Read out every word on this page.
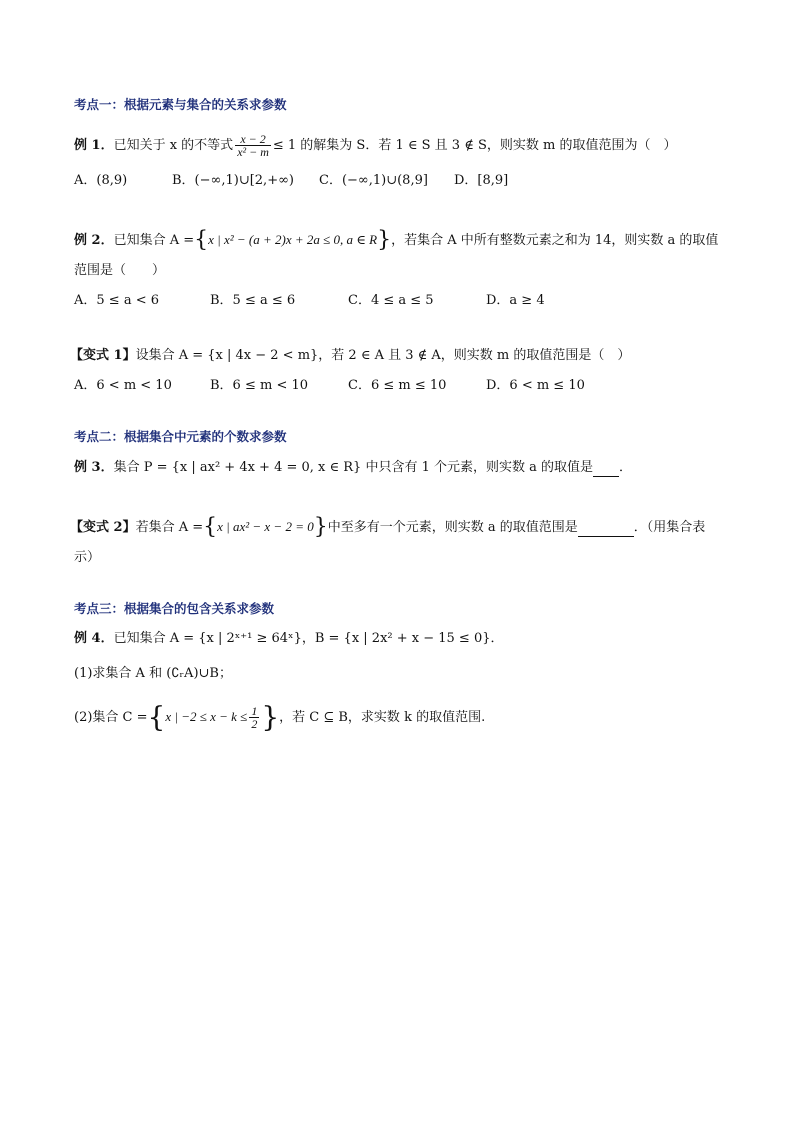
考点一：根据元素与集合的关系求参数
例 1．已知关于 x 的不等式 $\frac{x - 2}{\text{x² − m}} \le 1$ 的解集为 S．若 1 ∈ S 且 3 ∉ S，则实数 m 的取值范围为（　）
A．(8,9)	B．(−∞,1)∪[2,+∞) C．(−∞,1)∪(8,9] D．[8,9]
例 2．已知集合 A ={x | x² − (a + 2)x + 2a ≤ 0, a ∈ R}，若集合 A 中所有整数元素之和为 14，则实数 a 的取值
范围是（　　）
A．5 ≤ a < 6	B．5 ≤ a ≤ 6	C．4 ≤ a ≤ 5	D．a ≥ 4
【变式 1】设集合 A = {x | 4x − 2 < m}，若 2 ∈ A 且 3 ∉ A，则实数 m 的取值范围是（　）
A．6 < m < 10	B．6 ≤ m < 10	C．6 ≤ m ≤ 10	D．6 < m ≤ 10
考点二：根据集合中元素的个数求参数
例 3．集合 P = {x | ax² + 4x + 4 = 0, x ∈ R} 中只含有 1 个元素，则实数 a 的取值是 ．
【变式 2】若集合 A ={x | ax² − x − 2 = 0}中至多有一个元素，则实数 a 的取值范围是	．（用集合表
示）
考点三：根据集合的包含关系求参数
例 4．已知集合 A = {x | 2ˣ⁺¹ ≥ 64ˣ}，B = {x | 2x² + x − 15 ≤ 0}．
(1)求集合 A 和 (∁ᵣA)∪B；
(2)集合 C ={x | $-2 \le x - k \le \frac{1}{2}$ }，若 C ⊆ B，求实数 k 的取值范围.
